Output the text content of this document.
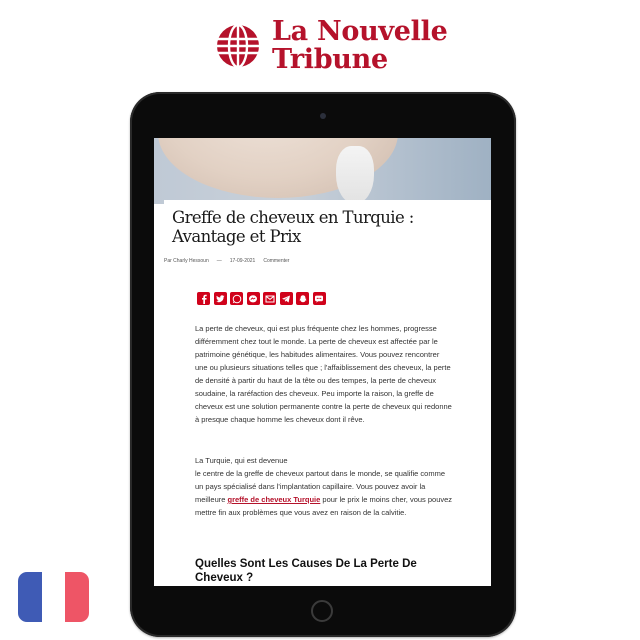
La Nouvelle
Tribune
Greffe de cheveux en Turquie : Avantage et Prix
Par Charly Hessoun — 17-09-2021 Commenter
La perte de cheveux, qui est plus fréquente chez les hommes, progresse différemment chez tout le monde. La perte de cheveux est affectée par le patrimoine génétique, les habitudes alimentaires. Vous pouvez rencontrer une ou plusieurs situations telles que ; l'affaiblissement des cheveux, la perte de densité à partir du haut de la tête ou des tempes, la perte de cheveux soudaine, la raréfaction des cheveux. Peu importe la raison, la greffe de cheveux est une solution permanente contre la perte de cheveux qui redonne à presque chaque homme les cheveux dont il rêve.
La Turquie, qui est devenue
le centre de la greffe de cheveux partout dans le monde, se qualifie comme un pays spécialisé dans l'implantation capillaire. Vous pouvez avoir la meilleure greffe de cheveux Turquie pour le prix le moins cher, vous pouvez mettre fin aux problèmes que vous avez en raison de la calvitie.
Quelles Sont Les Causes De La Perte De Cheveux ?
